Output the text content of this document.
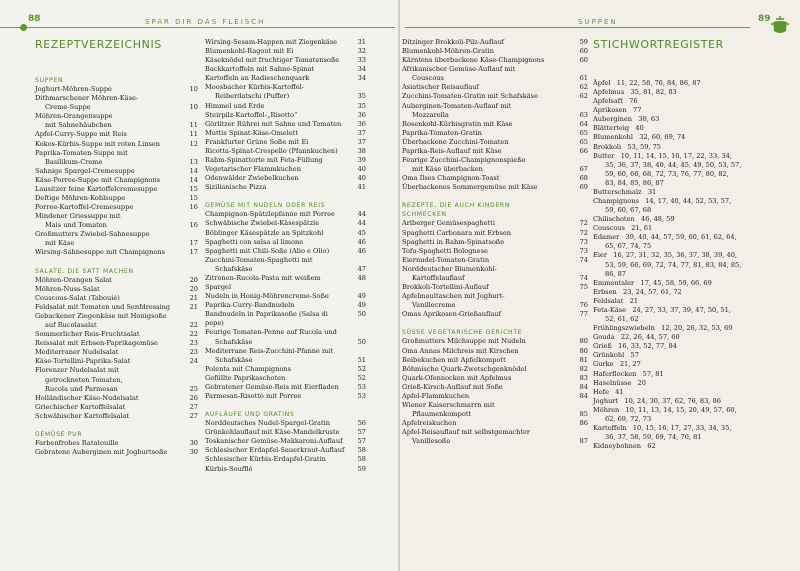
88	SPAR DIR DAS FLEISCH
REZEPTVERZEICHNIS
SUPPEN
Joghurt-Möhren-Suppe	10
Dithmarschener Möhren-Käse-
Creme-Suppe	10
Möhren-Orangensuppe
mit Sahnehäubchen	11
Apfel-Curry-Suppe mit Reis	11
Kokos-Kürbis-Suppe mit roten Linsen	12
Paprika-Tomaten-Suppe mit
Basilikum-Creme	13
Sahnige Spargel-Cremesuppe	14
Käse-Porree-Suppe mit Champignons	14
Lausitzer feine Kartoffelcremesuppe	15
Deftige Möhren-Kohlsuppe	15
Porree-Kartoffel-Cremesuppe	16
Mindener Griessuppe mit
Mais und Tomaten	16
Großmutters Zwiebel-Sahnesuppe
mit Käse	17
Wirsing-Sahnesuppe mit Champignons	17
SALATE, DIE SATT MACHEN
Möhren-Orangen Salat	20
Möhren-Nuss-Salat	20
Couscous-Salat (Tabouié)	21
Feldsalat mit Tomaten und Senfdressing	21
Gebackener Ziegenkäse mit Honigsoße
auf Rucolasalat	22
Sommerlicher Reis-Fruchtsalat	22
Reissalat mit Erbsen-Paprikagemüse	23
Mediterraner Nudelsalat	23
Käse-Tortellini-Paprika-Salat	24
Florenzer Nudelsalat mit
getrockneten Tomaten,
Rucola und Parmesan	25
Holländischer Käse-Nudelsalat	26
Griechischer Kartoffelsalat	27
Schwäbischer Kartoffelsalat	27
GEMÜSE PUR
Farbenfrohes Ratatouille	30
Gebratene Auberginen mit Joghurtsoße	30
Wirsing-Sesam-Happen mit Ziegenkäse	31
Blumenkohl-Ragout mit Ei	32
Käseknödel mit fruchtiger Tomatensoße	33
Backkartoffeln mit Sahne-Spinat	34
Kartoffeln an Radieschenquark	34
Moosbacher Kürbis-Kartoffel-
Reiberdatschi (Puffer)	35
Himmel und Erde	35
Steirpilz-Kartoffel-„Risotto“	36
Görlitzer Rührei mit Sahne und Tomaten	36
Muttis Spinat-Käse-Omelett	37
Frankfurter Grüne Soße mit Ei	37
Ricotta-Spinat-Crespelle (Pfannkuchen)	38
Rahm-Spinattorte mit Feta-Füllung	39
Vegetarischer Flammkuchen	40
Odenwälder Zwiebelkuchen	40
Sizilianische Pizza	41
GEMÜSE MIT NUDELN ODER REIS
Champignon-Spätzlepfanne mit Porree	44
Schwäbische Zwiebel-Käsespätzle	44
Böblinger Käsespätzle an Spitzkohl	45
Spaghetti con salsa al limone	46
Spaghetti mit Chili-Soße (Alio e Olio)	46
Zucchini-Tomaten-Spaghetti mit
Schafskäse	47
Zitronen-Rucola-Pasta mit weißem Spargel
48
Nudeln in Honig-Möhrencreme-Soße	49
Paprika-Curry-Bandnudeln	49
Bandnudeln in Paprikasoße (Salsa di pepe)
50
Feurige Tomaten-Penne auf Rucola und
Schafskäse	50
Mediterrane Reis-Zucchini-Pfanne mit
Schafskäse	51
Polenta mit Champignons	52
Gefüllte Paprikaschoten	52
Gebratener Gemüse-Reis mit Eierfladen	53
Parmesan-Risotto mit Porree	53
AUFLÄUFE UND GRATINS
Norddeutsches Nudel-Spargel-Gratin	56
Grünkohlauflauf mit Käse-Mandelkruste	57
Toskanischer Gemüse-Makkaroni-Auflauf	57
Schlesischer Erdapfel-Sauerkraut-Auflauf	58
Schlesischer Kürbis-Erdapfel-Gratin	58
Kürbis-Soufflé	59
SUPPEN	89
Ditzinger Brokkoli-Pilz-Auflauf	59
Blumenkohl-Möhren-Gratin	60
Kärntens überbackene Käse-Champignons	60
Afrikanischer Gemüse-Auflauf mit
Couscous	61
Asiatischer Reisauflauf	62
Zucchini-Tomaten-Gratin mit Schafskäse	62
Auberginen-Tomaten-Auflauf mit
Mozzarella	63
Rosenkohl-Kürbisgratin mit Käse	64
Paprika-Tomaten-Gratin	65
Überbackene Zucchini-Tomaten	65
Paprika-Reis-Auflauf mit Käse	66
Feurige Zucchini-Champignonspieße
mit Käse überbacken	67
Oma Ilses Champignon-Toast	68
Überbackenes Sommergemüse mit Käse	69
REZEPTE, DIE AUCH KINDERN
SCHMECKEN
Arlberger Gemüsespaghetti	72
Spaghetti Carbonara mit Erbsen	72
Spaghetti in Rahm-Spinatsoße	73
Tofu-Spaghetti Bolognese	73
Eiernudel-Tomaten-Gratin	74
Norddeutscher Blumenkohl-
Kartoffelauflauf	74
Brokkoli-Tortellini-Auflauf	75
Apfelmaultaschen mit Joghurt-
Vanillecreme	76
Omas Aprikosen-Grießauflauf	77
SÜSSE VEGETARISCHE GERICHTE
Großmutters Milchsuppe mit Nudeln	80
Oma Annas Milchreis mit Kirschen	80
Reibekuchen mit Apfelkompott	81
Böhmische Quark-Zwetschgenknödel	82
Quark-Ofennocken mit Apfelmus	83
Grieß-Kirsch-Auflauf mit Soße	84
Apfel-Flammkuchen	84
Wiener Kaiserschmarrn mit
Pflaumenkompott	85
Apfelreiskuchen	86
Apfel-Reisauflauf mit selbstgemachter
Vanillesoße	87
STICHWORTREGISTER
Äpfel   11, 22, 58, 76, 84, 86, 87
Apfelmus   35, 81, 82, 83
Apfelsaft   76
Aprikosen   77
Auberginen   30, 63
Blätterteig   40
Blumenkohl   32, 60, 69, 74
Brokkoli   53, 59, 75
Butter   10, 11, 14, 15, 16, 17, 22, 33, 34,
35, 36, 37, 38, 40, 44, 45, 49, 50, 53, 57,
59, 60, 66, 68, 72, 73, 76, 77, 80, 82,
83, 84, 85, 86, 87
Butterschmalz   31
Champignons   14, 17, 40, 44, 52, 53, 57,
59, 60, 67, 68
Chilischoten   46, 48, 59
Couscous   21, 61
Edamer   39, 40, 44, 57, 59, 60, 61, 62, 64,
65, 67, 74, 75
Eier   16, 27, 31, 32, 35, 36, 37, 38, 39, 40,
53, 59, 66, 69, 72, 74, 77, 81, 83, 84, 85,
86, 87
Emmentaler   17, 45, 58, 59, 66, 69
Erbsen   23, 24, 57, 61, 72
Feldsalat   21
Feta-Käse   24, 27, 33, 37, 39, 47, 50, 51,
52, 61, 62
Frühlingszwiebeln   12, 20, 26, 32, 53, 69
Gouda   22, 26, 44, 57, 60
Grieß   16, 33, 52, 77, 84
Grünkohl   57
Gurke   21, 27
Haferflocken   57, 81
Haselnüsse   20
Hefe   41
Joghurt   10, 24, 30, 37, 62, 76, 83, 86
Möhren   10, 11, 13, 14, 15, 20, 49, 57, 60,
62, 69, 72, 73
Kartoffeln   10, 15, 16, 17, 27, 33, 34, 35,
36, 37, 58, 59, 69, 74, 76, 81
Kidneybohnen   62
